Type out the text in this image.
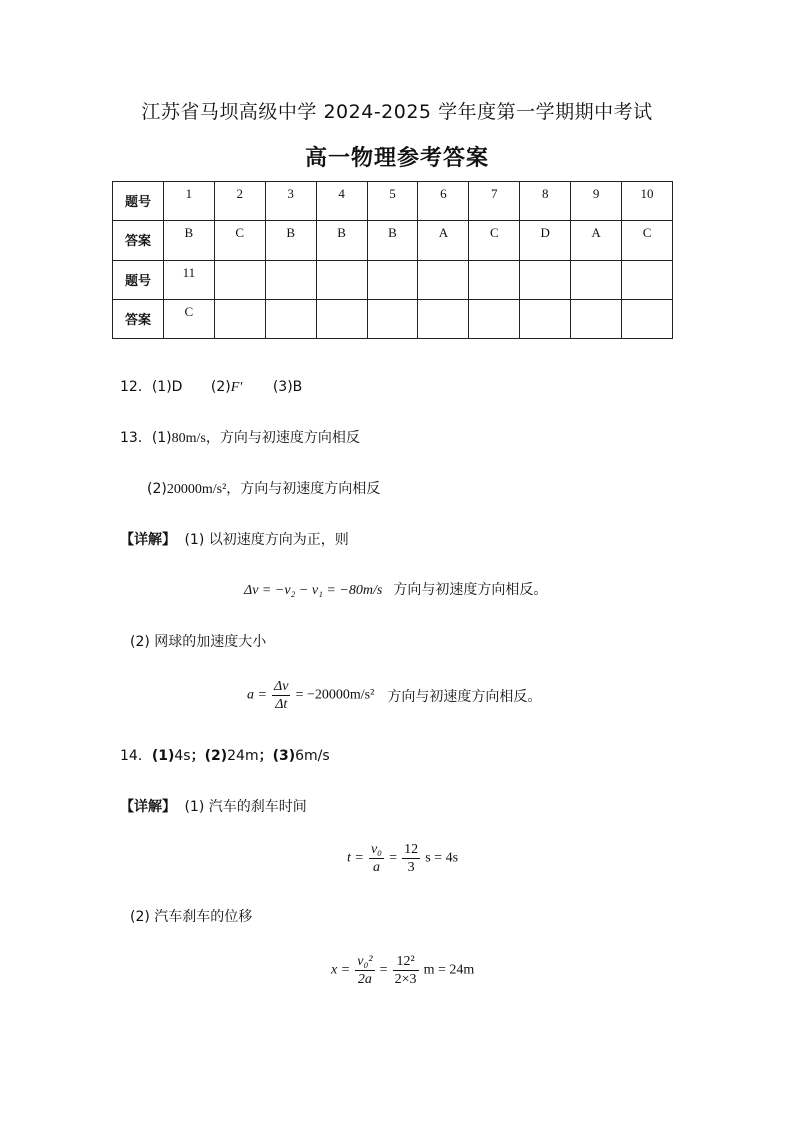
江苏省马坝高级中学 2024-2025 学年度第一学期期中考试
高一物理参考答案
题号	1	2	3	4	5	6	7	8	9	10
答案	B	C	B	B	B	A	C	D	A	C
题号	11									
答案	C									
12．(1)D (2)F′ (3)B
13．(1)80m/s，方向与初速度方向相反
(2)20000m/s²，方向与初速度方向相反
【详解】 (1) 以初速度方向为正，则
Δv = −v₂ − v₁ = −80m/s 方向与初速度方向相反。
(2) 网球的加速度大小
$a = \frac{\Delta v}{\Delta t} = -20000m/s^2$ 方向与初速度方向相反。
14．(1)4s；(2)24m；(3)6m/s
【详解】 (1) 汽车的刹车时间
$t = \frac{\text{v₀}}{a} = \frac{12}{3}$ s = 4s
(2) 汽车刹车的位移
$x = \frac{\text{v₀²}}{2a} = \frac{\text{12²}}{2\times 3}$ m = 24m
